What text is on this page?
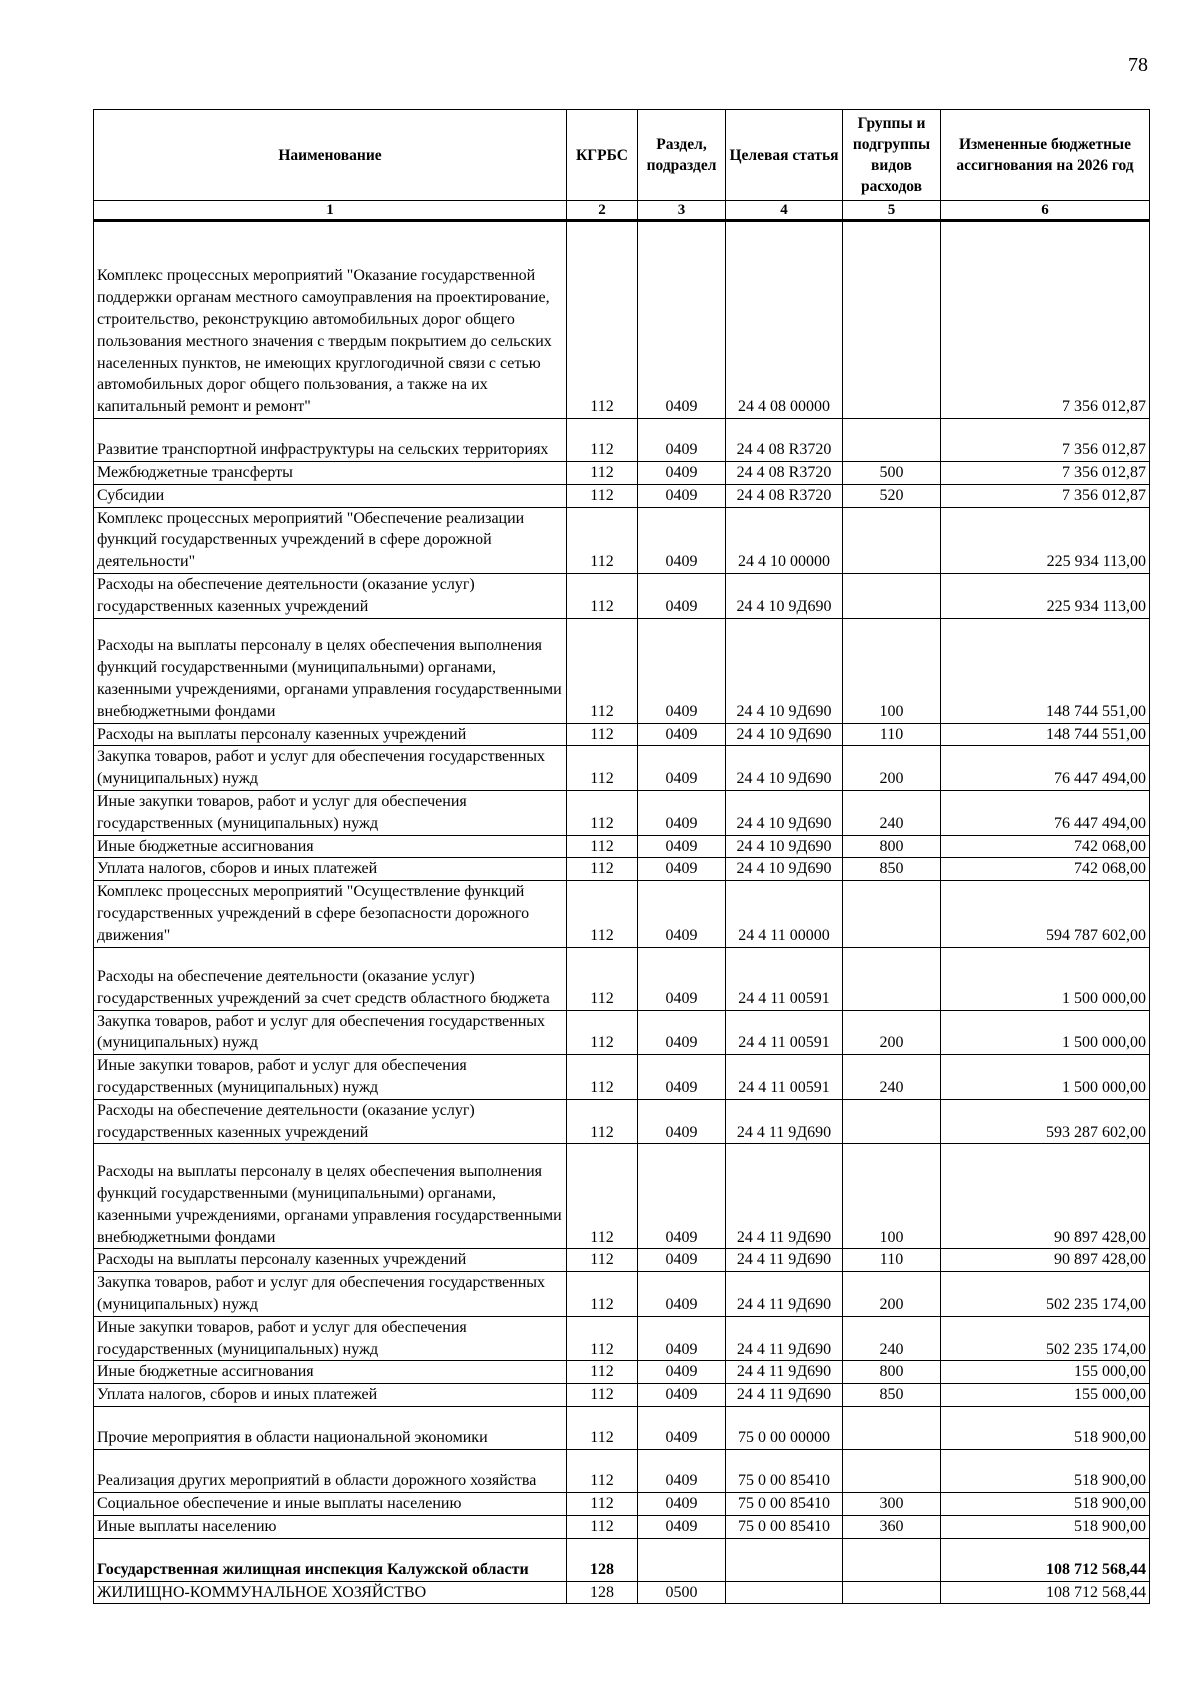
78
Наименование	КГРБС	Раздел, подраздел	Целевая статья	Группы и подгруппы видов расходов	Измененные бюджетные ассигнования на 2026 год
1	2	3	4	5	6
Комплекс процессных мероприятий "Оказание государственной поддержки органам местного самоуправления на проектирование, строительство, реконструкцию автомобильных дорог общего пользования местного значения с твердым покрытием до сельских населенных пунктов, не имеющих круглогодичной связи с сетью автомобильных дорог общего пользования, а также на их капитальный ремонт и ремонт"	112	0409	24 4 08 00000		7 356 012,87
Развитие транспортной инфраструктуры на сельских территориях	112	0409	24 4 08 R3720		7 356 012,87
Межбюджетные трансферты	112	0409	24 4 08 R3720	500	7 356 012,87
Субсидии	112	0409	24 4 08 R3720	520	7 356 012,87
Комплекс процессных мероприятий "Обеспечение реализации функций государственных учреждений в сфере дорожной деятельности"	112	0409	24 4 10 00000		225 934 113,00
Расходы на обеспечение деятельности (оказание услуг) государственных казенных учреждений	112	0409	24 4 10 9Д690		225 934 113,00
Расходы на выплаты персоналу в целях обеспечения выполнения функций государственными (муниципальными) органами, казенными учреждениями, органами управления государственными внебюджетными фондами	112	0409	24 4 10 9Д690	100	148 744 551,00
Расходы на выплаты персоналу казенных учреждений	112	0409	24 4 10 9Д690	110	148 744 551,00
Закупка товаров, работ и услуг для обеспечения государственных (муниципальных) нужд	112	0409	24 4 10 9Д690	200	76 447 494,00
Иные закупки товаров, работ и услуг для обеспечения государственных (муниципальных) нужд	112	0409	24 4 10 9Д690	240	76 447 494,00
Иные бюджетные ассигнования	112	0409	24 4 10 9Д690	800	742 068,00
Уплата налогов, сборов и иных платежей	112	0409	24 4 10 9Д690	850	742 068,00
Комплекс процессных мероприятий "Осуществление функций государственных учреждений в сфере безопасности дорожного движения"	112	0409	24 4 11 00000		594 787 602,00
Расходы на обеспечение деятельности (оказание услуг) государственных учреждений за счет средств областного бюджета	112	0409	24 4 11 00591		1 500 000,00
Закупка товаров, работ и услуг для обеспечения государственных (муниципальных) нужд	112	0409	24 4 11 00591	200	1 500 000,00
Иные закупки товаров, работ и услуг для обеспечения государственных (муниципальных) нужд	112	0409	24 4 11 00591	240	1 500 000,00
Расходы на обеспечение деятельности (оказание услуг) государственных казенных учреждений	112	0409	24 4 11 9Д690		593 287 602,00
Расходы на выплаты персоналу в целях обеспечения выполнения функций государственными (муниципальными) органами, казенными учреждениями, органами управления государственными внебюджетными фондами	112	0409	24 4 11 9Д690	100	90 897 428,00
Расходы на выплаты персоналу казенных учреждений	112	0409	24 4 11 9Д690	110	90 897 428,00
Закупка товаров, работ и услуг для обеспечения государственных (муниципальных) нужд	112	0409	24 4 11 9Д690	200	502 235 174,00
Иные закупки товаров, работ и услуг для обеспечения государственных (муниципальных) нужд	112	0409	24 4 11 9Д690	240	502 235 174,00
Иные бюджетные ассигнования	112	0409	24 4 11 9Д690	800	155 000,00
Уплата налогов, сборов и иных платежей	112	0409	24 4 11 9Д690	850	155 000,00
Прочие мероприятия в области национальной экономики	112	0409	75 0 00 00000		518 900,00
Реализация других мероприятий в области дорожного хозяйства	112	0409	75 0 00 85410		518 900,00
Социальное обеспечение и иные выплаты населению	112	0409	75 0 00 85410	300	518 900,00
Иные выплаты населению	112	0409	75 0 00 85410	360	518 900,00
Государственная жилищная инспекция Калужской области	128				108 712 568,44
ЖИЛИЩНО-КОММУНАЛЬНОЕ ХОЗЯЙСТВО	128	0500			108 712 568,44
